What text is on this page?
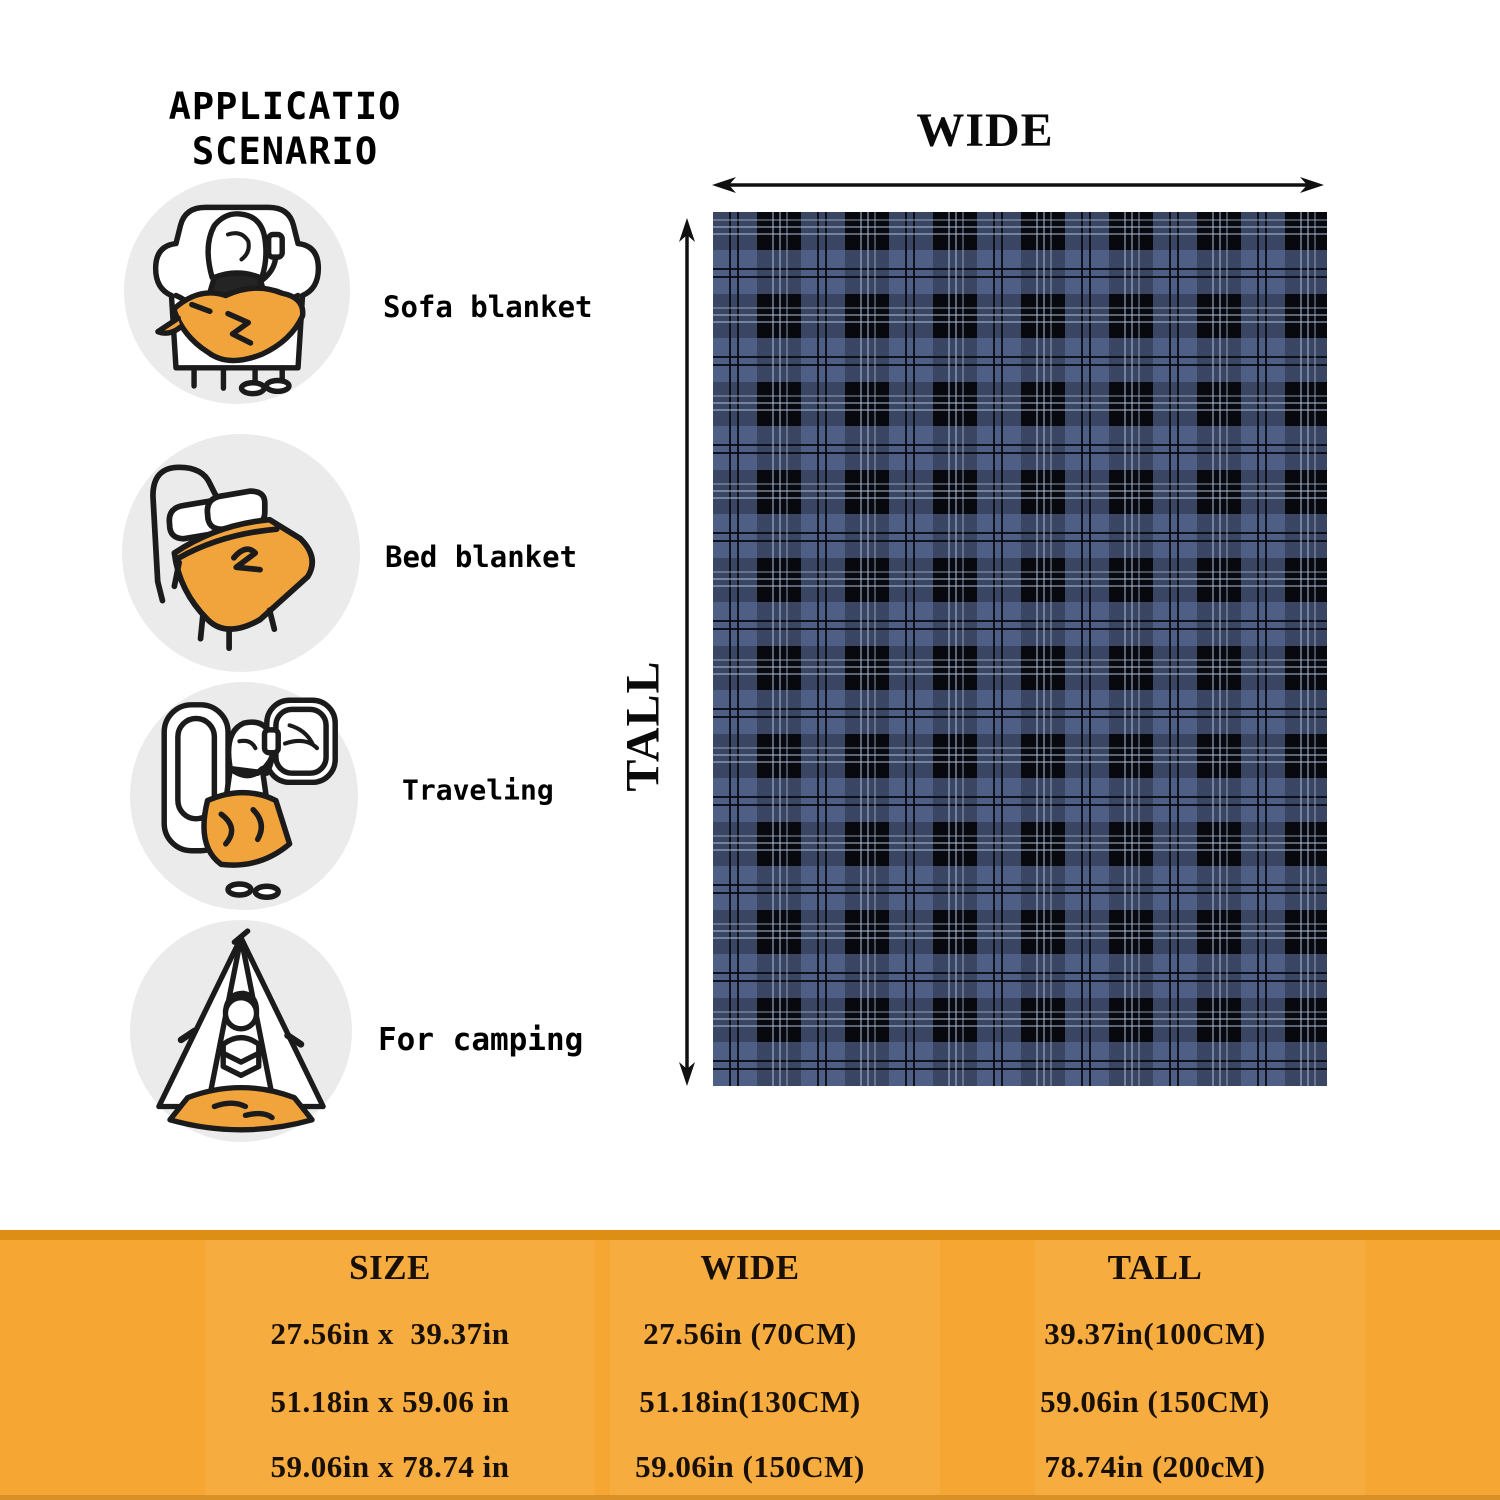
APPLICATIO
SCENARIO
Sofa blanket
Bed blanket
Traveling
For camping
WIDE
TALL
SIZE
27.56in x  39.37in
51.18in x 59.06 in
59.06in x 78.74 in
WIDE
27.56in (70CM)
51.18in(130CM)
59.06in (150CM)
TALL
39.37in(100CM)
59.06in (150CM)
78.74in (200cM)
